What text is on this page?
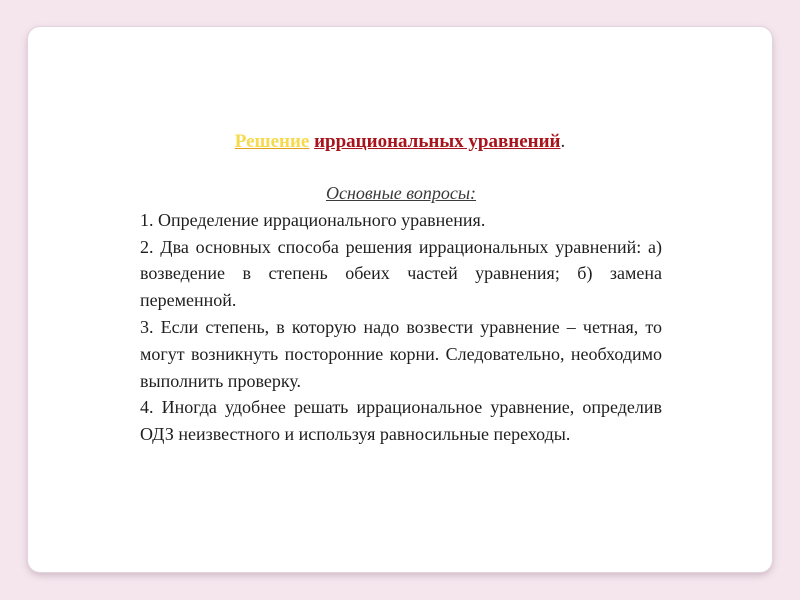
Решение иррациональных уравнений.
Основные вопросы:

1. Определение иррационального уравнения.

2. Два основных способа решения иррациональных уравнений: а) возведение в степень обеих частей уравнения; б) замена переменной.

3. Если степень, в которую надо возвести уравнение – четная, то могут возникнуть посторонние корни. Следовательно, необходимо выполнить проверку.

4. Иногда удобнее решать иррациональное уравнение, определив ОДЗ неизвестного и используя равносильные переходы.
